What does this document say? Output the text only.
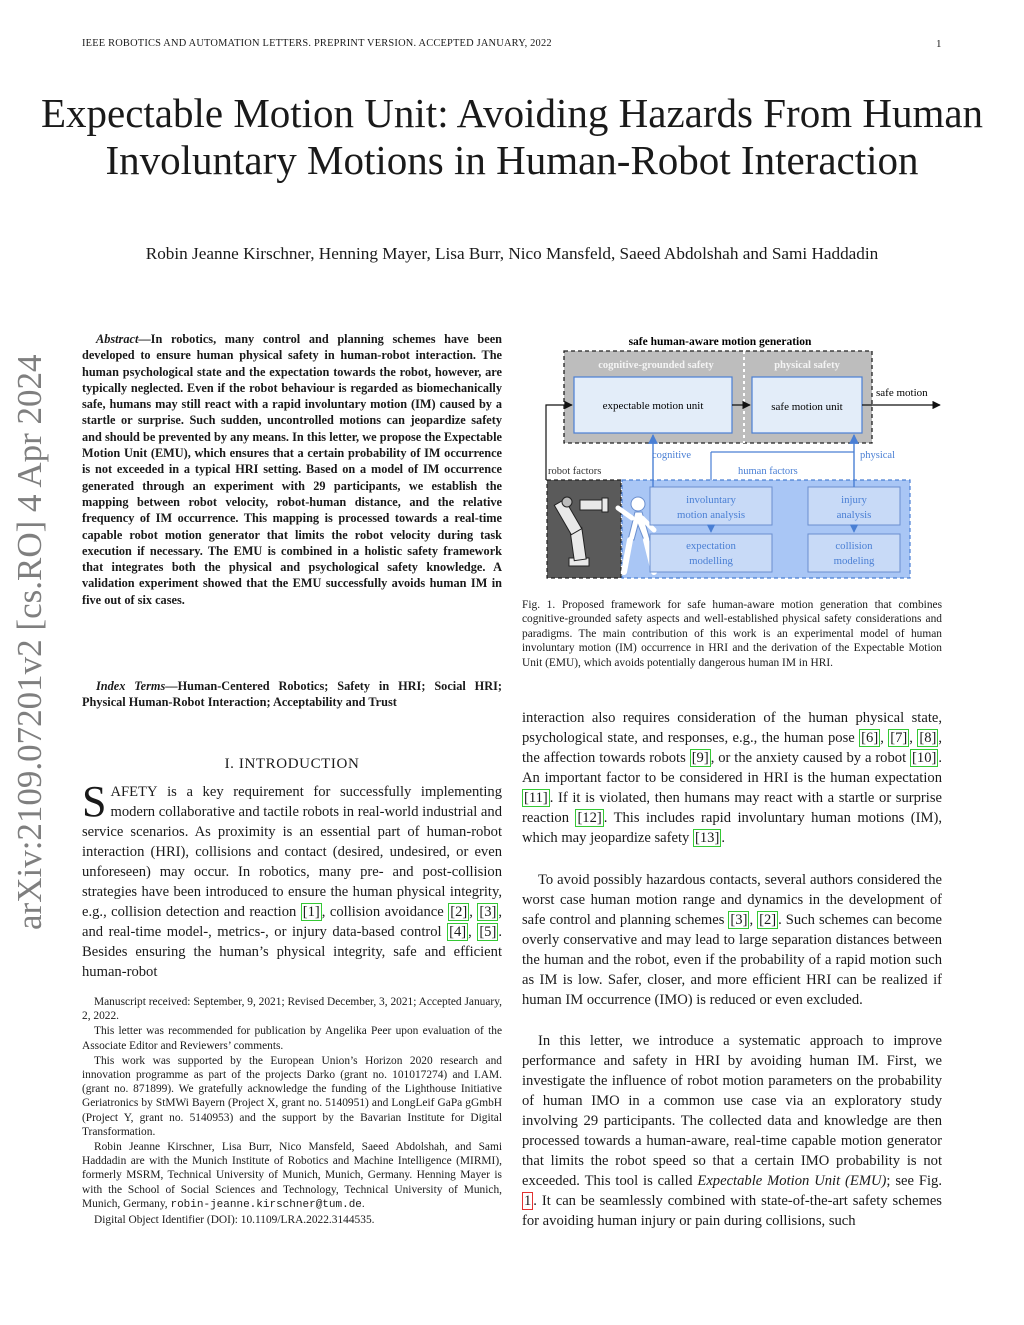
IEEE ROBOTICS AND AUTOMATION LETTERS. PREPRINT VERSION. ACCEPTED JANUARY, 2022	1
Expectable Motion Unit: Avoiding Hazards From Human Involuntary Motions in Human-Robot Interaction
Robin Jeanne Kirschner, Henning Mayer, Lisa Burr, Nico Mansfeld, Saeed Abdolshah and Sami Haddadin
arXiv:2109.07201v2 [cs.RO] 4 Apr 2024
Abstract—In robotics, many control and planning schemes have been developed to ensure human physical safety in human-robot interaction. The human psychological state and the expectation towards the robot, however, are typically neglected. Even if the robot behaviour is regarded as biomechanically safe, humans may still react with a rapid involuntary motion (IM) caused by a startle or surprise. Such sudden, uncontrolled motions can jeopardize safety and should be prevented by any means. In this letter, we propose the Expectable Motion Unit (EMU), which ensures that a certain probability of IM occurrence is not exceeded in a typical HRI setting. Based on a model of IM occurrence generated through an experiment with 29 participants, we establish the mapping between robot velocity, robot-human distance, and the relative frequency of IM occurrence. This mapping is processed towards a real-time capable robot motion generator that limits the robot velocity during task execution if necessary. The EMU is combined in a holistic safety framework that integrates both the physical and psychological safety knowledge. A validation experiment showed that the EMU successfully avoids human IM in five out of six cases.
Index Terms—Human-Centered Robotics; Safety in HRI; Social HRI; Physical Human-Robot Interaction; Acceptability and Trust
I. INTRODUCTION

SAFETY is a key requirement for successfully implementing modern collaborative and tactile robots in real-world industrial and service scenarios. As proximity is an essential part of human-robot interaction (HRI), collisions and contact (desired, undesired, or even unforeseen) may occur. In robotics, many pre- and post-collision strategies have been introduced to ensure the human physical integrity, e.g., collision detection and reaction [1] , collision avoidance [2] , [3] , and real-time model-, metrics-, or injury data-based control [4] , [5] . Besides ensuring the human’s physical integrity, safe and efficient human-robot

Manuscript received: September, 9, 2021; Revised December, 3, 2021; Accepted January, 2, 2022.

This letter was recommended for publication by Angelika Peer upon evaluation of the Associate Editor and Reviewers’ comments.

This work was supported by the European Union’s Horizon 2020 research and innovation programme as part of the projects Darko (grant no. 101017274) and I.AM. (grant no. 871899). We gratefully acknowledge the funding of the Lighthouse Initiative Geriatronics by StMWi Bayern (Project X, grant no. 5140951) and LongLeif GaPa gGmbH (Project Y, grant no. 5140953) and the support by the Bavarian Institute for Digital Transformation.

Robin Jeanne Kirschner, Lisa Burr, Nico Mansfeld, Saeed Abdolshah, and Sami Haddadin are with the Munich Institute of Robotics and Machine Intelligence (MIRMI), formerly MSRM, Technical University of Munich, Munich, Germany. Henning Mayer is with the School of Social Sciences and Technology, Technical University of Munich, Munich, Germany, robin-jeanne.kirschner@tum.de.

Digital Object Identifier (DOI): 10.1109/LRA.2022.3144535.

safe human-aware motion generation
cognitive-grounded safety	physical safety
expectable motion unit	safe motion unit
safe motion
cognitive	physical
robot factors	human factors
involuntary
motion analysis
injury
analysis
expectation
modelling
collision
modeling
Fig. 1. Proposed framework for safe human-aware motion generation that combines cognitive-grounded safety aspects and well-established physical safety considerations and paradigms. The main contribution of this work is an experimental model of human involuntary motion (IM) occurrence in HRI and the derivation of the Expectable Motion Unit (EMU), which avoids potentially dangerous human IM in HRI.

interaction also requires consideration of the human physical state, psychological state, and responses, e.g., the human pose [6] , [7] , [8] , the affection towards robots [9] , or the anxiety caused by a robot [10] . An important factor to be considered in HRI is the human expectation [11] . If it is violated, then humans may react with a startle or surprise reaction [12] . This includes rapid involuntary human motions (IM), which may jeopardize safety [13] .

To avoid possibly hazardous contacts, several authors considered the worst case human motion range and dynamics in the development of safe control and planning schemes [3] , [2] . Such schemes can become overly conservative and may lead to large separation distances between the human and the robot, even if the probability of a rapid motion such as IM is low. Safer, closer, and more efficient HRI can be realized if human IM occurrence (IMO) is reduced or even excluded.

In this letter, we introduce a systematic approach to improve performance and safety in HRI by avoiding human IM. First, we investigate the influence of robot motion parameters on the probability of human IMO in a common use case via an exploratory study involving 29 participants. The collected data and knowledge are then processed towards a human-aware, real-time capable motion generator that limits the robot speed so that a certain IMO probability is not exceeded. This tool is called Expectable Motion Unit (EMU); see Fig. 1 . It can be seamlessly combined with state-of-the-art safety schemes for avoiding human injury or pain during collisions, such
